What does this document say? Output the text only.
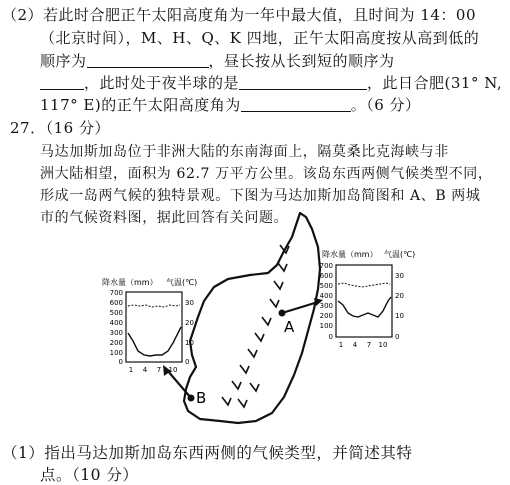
（2）若此时合肥正午太阳高度角为一年中最大值，且时间为 14：00
（北京时间），M、H、Q、K 四地，正午太阳高度按从高到低的
顺序为	，昼长按从长到短的顺序为
，此时处于夜半球的是	，此日合肥(31° N,
117° E)的正午太阳高度角为	。（6 分）
27．（16 分）
马达加斯加岛位于非洲大陆的东南海面上，隔莫桑比克海峡与非
洲大陆相望，面积为 62.7 万平方公里。该岛东西两侧气候类型不同，
形成一岛两气候的独特景观。下图为马达加斯加岛简图和 A、B 两城
市的气候资料图，据此回答有关问题。
A
B
降水量（mm） 气温(℃)
700
600
500
400
300
200
100
0
30
20
10
0
1 4 7 10
降水量（mm） 气温(℃)
700
600
500
400
300
200
100
0
30
20
10
0
1 4 7 10
（1）指出马达加斯加岛东西两侧的气候类型，并简述其特
点。（10 分）
